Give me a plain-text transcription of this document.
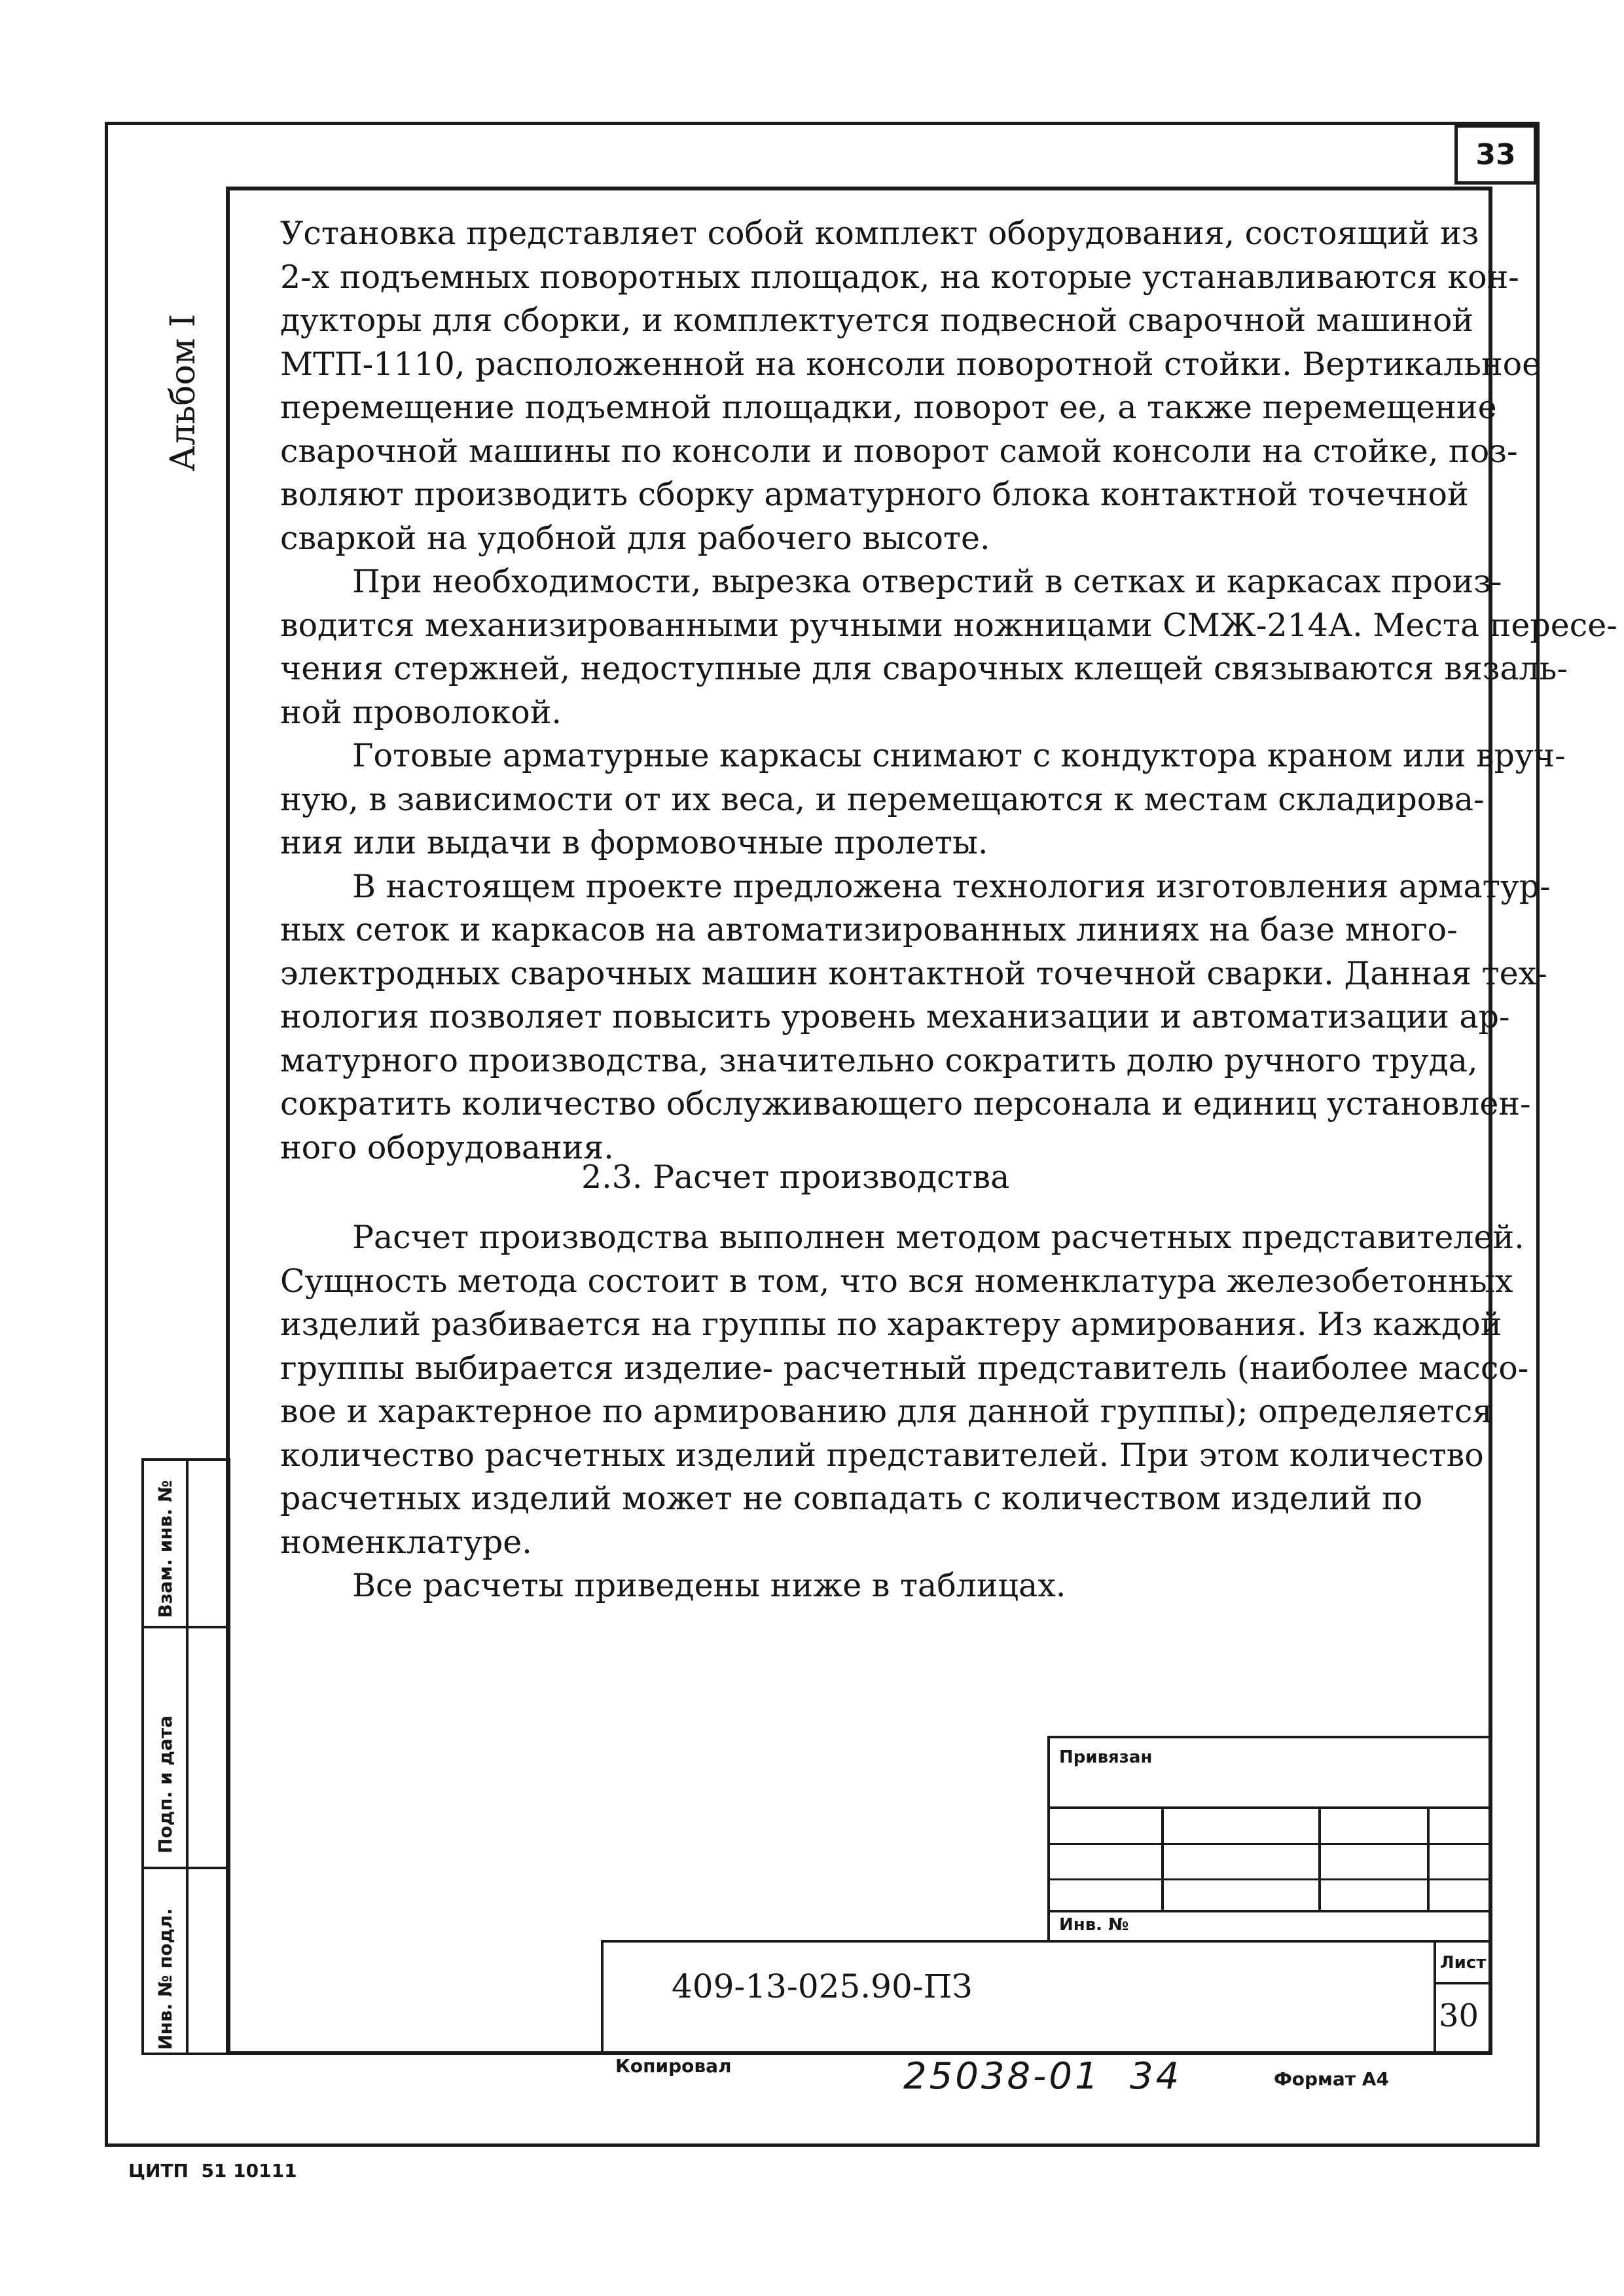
33
Альбом I
Взам. инв. №
Подп. и дата
Инв. № подл.

Установка представляет собой комплект оборудования, состоящий из
2-х подъемных поворотных площадок, на которые устанавливаются кон-
дукторы для сборки, и комплектуется подвесной сварочной машиной
МТП-1110, расположенной на консоли поворотной стойки. Вертикальное
перемещение подъемной площадки, поворот ее, а также перемещение
сварочной машины по консоли и поворот самой консоли на стойке, поз-
воляют производить сборку арматурного блока контактной точечной
сваркой на удобной для рабочего высоте.

При необходимости, вырезка отверстий в сетках и каркасах произ-
водится механизированными ручными ножницами СМЖ-214А. Места пересе-
чения стержней, недоступные для сварочных клещей связываются вязаль-
ной проволокой.

Готовые арматурные каркасы снимают с кондуктора краном или вруч-
ную, в зависимости от их веса, и перемещаются к местам складирова-
ния или выдачи в формовочные пролеты.

В настоящем проекте предложена технология изготовления арматур-
ных сеток и каркасов на автоматизированных линиях на базе много-
электродных сварочных машин контактной точечной сварки. Данная тех-
нология позволяет повысить уровень механизации и автоматизации ар-
матурного производства, значительно сократить долю ручного труда,
сократить количество обслуживающего персонала и единиц установлен-
ного оборудования.

2.3. Расчет производства

Расчет производства выполнен методом расчетных представителей.
Сущность метода состоит в том, что вся номенклатура железобетонных
изделий разбивается на группы по характеру армирования. Из каждой
группы выбирается изделие- расчетный представитель (наиболее массо-
вое и характерное по армированию для данной группы); определяется
количество расчетных изделий представителей. При этом количество
расчетных изделий может не совпадать с количеством изделий по
номенклатуре.

Все расчеты приведены ниже в таблицах.

Привязан
Инв. №
409-13-025.90-ПЗ
Лист
30
Копировал	25038-01 34	Формат А4
ЦИТП  51 10111
